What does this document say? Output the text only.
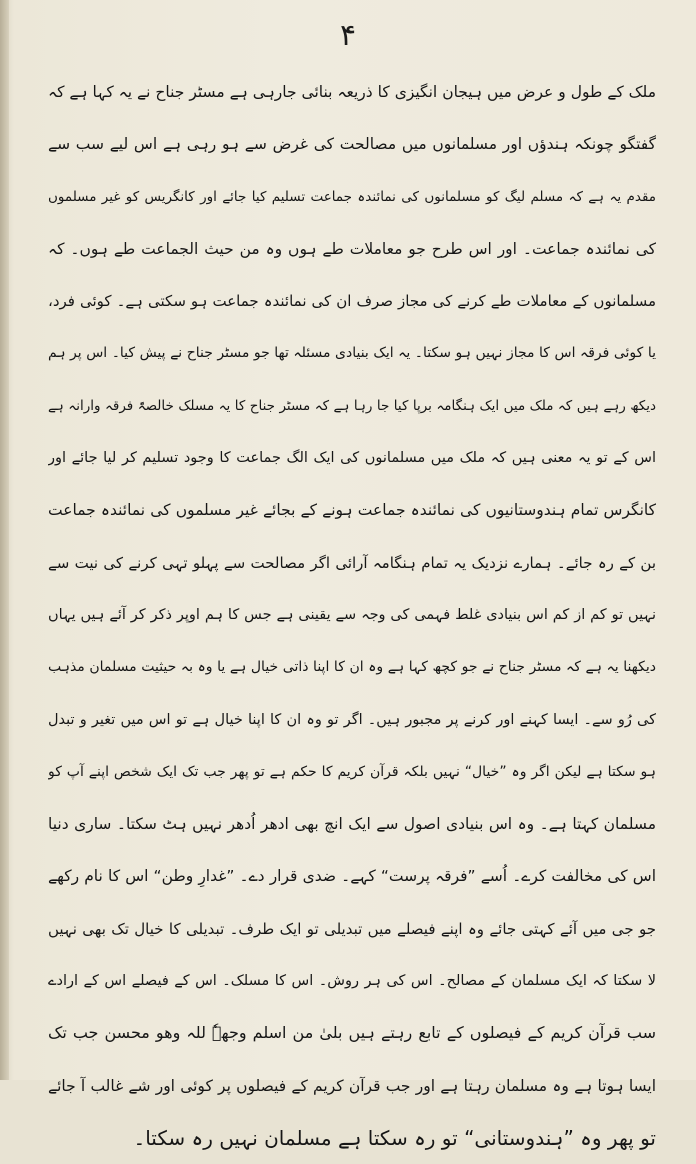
۴
ملک کے طول و عرض میں ہیجان انگیزی کا ذریعہ بنائی جارہی ہے مسٹر جناح نے یہ کہا ہے کہ
گفتگو چونکہ ہندؤں اور مسلمانوں میں مصالحت کی غرض سے ہو رہی ہے اس لیے سب سے
مقدم یہ ہے کہ مسلم لیگ کو مسلمانوں کی نمائندہ جماعت تسلیم کیا جائے اور کانگریس کو غیر مسلموں
کی نمائندہ جماعت۔ اور اس طرح جو معاملات طے ہوں وہ من حیث الجماعت طے ہوں۔ کہ
مسلمانوں کے معاملات طے کرنے کی مجاز صرف ان کی نمائندہ جماعت ہو سکتی ہے۔ کوئی فرد،
یا کوئی فرقہ اس کا مجاز نہیں ہو سکتا۔ یہ ایک بنیادی مسئلہ تھا جو مسٹر جناح نے پیش کیا۔ اس پر ہم
دیکھ رہے ہیں کہ ملک میں ایک ہنگامہ برپا کیا جا رہا ہے کہ مسٹر جناح کا یہ مسلک خالصۃً فرقہ وارانہ ہے
اس کے تو یہ معنی ہیں کہ ملک میں مسلمانوں کی ایک الگ جماعت کا وجود تسلیم کر لیا جائے اور
کانگرس تمام ہندوستانیوں کی نمائندہ جماعت ہونے کے بجائے غیر مسلموں کی نمائندہ جماعت
بن کے رہ جائے۔ ہمارے نزدیک یہ تمام ہنگامہ آرائی اگر مصالحت سے پہلو تہی کرنے کی نیت سے
نہیں تو کم از کم اس بنیادی غلط فہمی کی وجہ سے یقینی ہے جس کا ہم اوپر ذکر کر آئے ہیں یہاں
دیکھنا یہ ہے کہ مسٹر جناح نے جو کچھ کہا ہے وہ ان کا اپنا ذاتی خیال ہے یا وہ بہ حیثیت مسلمان مذہب
کی رُو سے۔ ایسا کہنے اور کرنے پر مجبور ہیں۔ اگر تو وہ ان کا اپنا خیال ہے تو اس میں تغیر و تبدل
ہو سکتا ہے لیکن اگر وہ ”خیال“ نہیں بلکہ قرآن کریم کا حکم ہے تو پھر جب تک ایک شخص اپنے آپ کو
مسلمان کہتا ہے۔ وہ اس بنیادی اصول سے ایک انچ بھی ادھر اُدھر نہیں ہٹ سکتا۔ ساری دنیا
اس کی مخالفت کرے۔ اُسے ”فرقہ پرست“ کہے۔ ضدی قرار دے۔ ”غدارِ وطن“ اس کا نام رکھے
جو جی میں آئے کہتی جائے وہ اپنے فیصلے میں تبدیلی تو ایک طرف۔ تبدیلی کا خیال تک بھی نہیں
لا سکتا کہ ایک مسلمان کے مصالح۔ اس کی ہر روش۔ اس کا مسلک۔ اس کے فیصلے اس کے ارادے
سب قرآن کریم کے فیصلوں کے تابع رہتے ہیں بلیٰ من اسلم وجھہٗ للہ وھو محسن جب تک
ایسا ہوتا ہے وہ مسلمان رہتا ہے اور جب قرآن کریم کے فیصلوں پر کوئی اور شے غالب آ جائے
تو پھر وہ ”ہندوستانی“ تو رہ سکتا ہے مسلمان نہیں رہ سکتا۔
